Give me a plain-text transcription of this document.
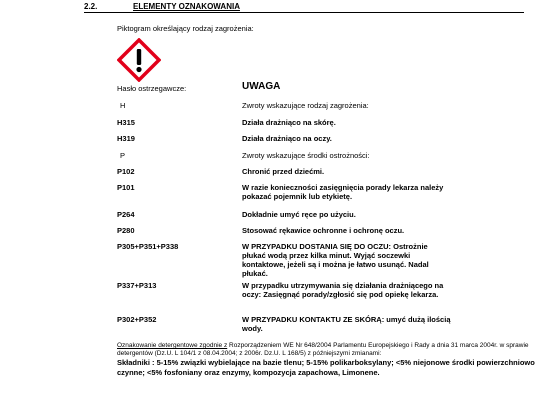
2.2.	ELEMENTY OZNAKOWANIA
Piktogram określający rodzaj zagrożenia:
Hasło ostrzegawcze:	UWAGA
H	Zwroty wskazujące rodzaj zagrożenia:
H315	Działa drażniąco na skórę.
H319	Działa drażniąco na oczy.
P	Zwroty wskazujące środki ostrożności:
P102	Chronić przed dziećmi.
P101	W razie konieczności zasięgnięcia porady lekarza należy pokazać pojemnik lub etykietę.
P264	Dokładnie umyć ręce po użyciu.
P280	Stosować rękawice ochronne i ochronę oczu.
P305+P351+P338	W PRZYPADKU DOSTANIA SIĘ DO OCZU: Ostrożnie płukać wodą przez kilka minut. Wyjąć soczewki kontaktowe, jeżeli są i można je łatwo usunąć. Nadal płukać.
P337+P313	W przypadku utrzymywania się działania drażniącego na oczy: Zasięgnąć porady/zgłosić się pod opiekę lekarza.
P302+P352	W PRZYPADKU KONTAKTU ZE SKÓRĄ: umyć dużą ilością wody.
Oznakowanie detergentowe zgodnie z Rozporządzeniem WE Nr 648/2004 Parlamentu Europejskiego i Rady a dnia 31 marca 2004r. w sprawie detergentów (Dz.U. L 104/1 z 08.04.2004; z 2006r. Dz.U. L 168/5) z późniejszymi zmianami:
Składniki : 5-15% związki wybielające na bazie tlenu; 5-15% polikarboksylany; <5% niejonowe środki powierzchniowo czynne; <5% fosfoniany oraz enzymy, kompozycja zapachowa, Limonene.
